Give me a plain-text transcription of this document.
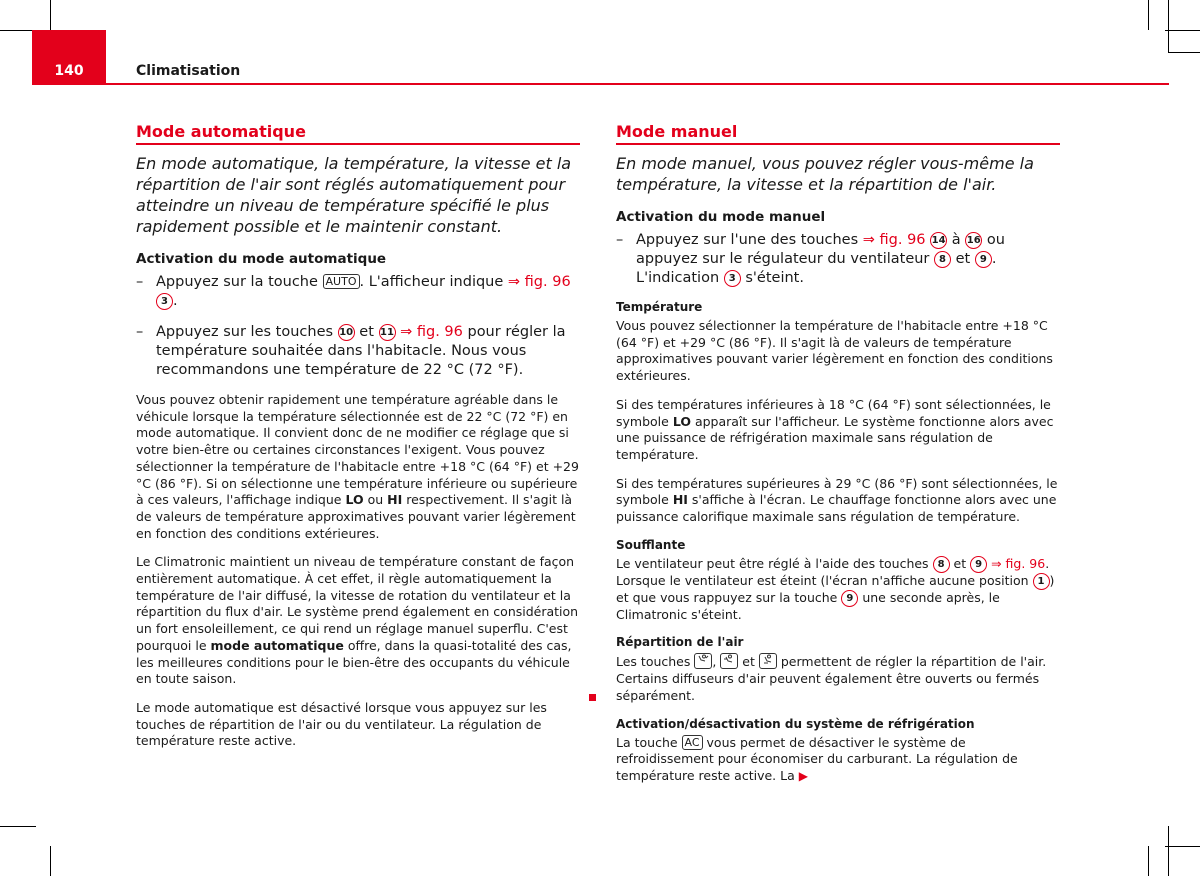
140	Climatisation
Mode automatique

En mode automatique, la température, la vitesse et la répartition de l'air sont réglés automatiquement pour atteindre un niveau de température spécifié le plus rapidement possible et le maintenir constant.

Activation du mode automatique

– Appuyez sur la touche AUTO . L'afficheur indique ⇒ fig. 96 3 .

– Appuyez sur les touches 10 et 11 ⇒ fig. 96 pour régler la température souhaitée dans l'habitacle. Nous vous recommandons une température de 22 °C (72 °F).

Vous pouvez obtenir rapidement une température agréable dans le véhicule lorsque la température sélectionnée est de 22 °C (72 °F) en mode automatique. Il convient donc de ne modifier ce réglage que si votre bien-être ou certaines circonstances l'exigent. Vous pouvez sélectionner la température de l'habitacle entre +18 °C (64 °F) et +29 °C (86 °F). Si on sélectionne une température inférieure ou supérieure à ces valeurs, l'affichage indique LO ou HI respectivement. Il s'agit là de valeurs de température approximatives pouvant varier légèrement en fonction des conditions extérieures.

Le Climatronic maintient un niveau de température constant de façon entièrement automatique. À cet effet, il règle automatiquement la température de l'air diffusé, la vitesse de rotation du ventilateur et la répartition du flux d'air. Le système prend également en considération un fort ensoleillement, ce qui rend un réglage manuel superflu. C'est pourquoi le mode automatique offre, dans la quasi-totalité des cas, les meilleures conditions pour le bien-être des occupants du véhicule en toute saison.

Le mode automatique est désactivé lorsque vous appuyez sur les touches de répartition de l'air ou du ventilateur. La régulation de température reste active.

Mode manuel

En mode manuel, vous pouvez régler vous-même la température, la vitesse et la répartition de l'air.

Activation du mode manuel

– Appuyez sur l'une des touches ⇒ fig. 96 14 à 16 ou appuyez sur le régulateur du ventilateur 8 et 9 . L'indication 3 s'éteint.

Température

Vous pouvez sélectionner la température de l'habitacle entre +18 °C (64 °F) et +29 °C (86 °F). Il s'agit là de valeurs de température approximatives pouvant varier légèrement en fonction des conditions extérieures.

Si des températures inférieures à 18 °C (64 °F) sont sélectionnées, le symbole LO apparaît sur l'afficheur. Le système fonctionne alors avec une puissance de réfrigération maximale sans régulation de température.

Si des températures supérieures à 29 °C (86 °F) sont sélectionnées, le symbole HI s'affiche à l'écran. Le chauffage fonctionne alors avec une puissance calorifique maximale sans régulation de température.

Soufflante

Le ventilateur peut être réglé à l'aide des touches 8 et 9 ⇒ fig. 96. Lorsque le ventilateur est éteint (l'écran n'affiche aucune position 1 ) et que vous rappuyez sur la touche 9 une seconde après, le Climatronic s'éteint.

Répartition de l'air

Les touches ,  et  permettent de régler la répartition de l'air. Certains diffuseurs d'air peuvent également être ouverts ou fermés séparément.

Activation/désactivation du système de réfrigération

La touche AC vous permet de désactiver le système de refroidissement pour économiser du carburant. La régulation de température reste active. La ▶
